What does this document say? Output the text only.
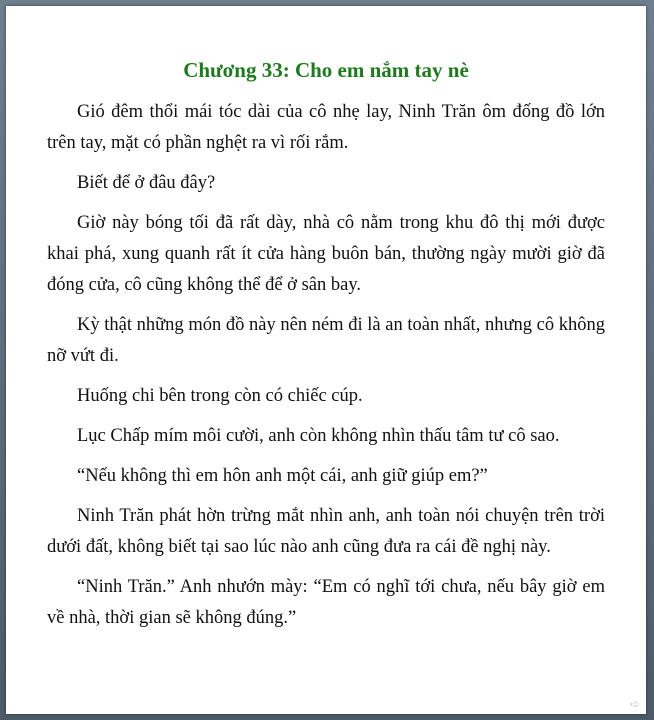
Chương 33: Cho em nắm tay nè

Gió đêm thổi mái tóc dài của cô nhẹ lay, Ninh Trăn ôm đống đồ lớn trên tay, mặt có phần nghệt ra vì rối rắm.

Biết để ở đâu đây?

Giờ này bóng tối đã rất dày, nhà cô nằm trong khu đô thị mới được khai phá, xung quanh rất ít cửa hàng buôn bán, thường ngày mười giờ đã đóng cửa, cô cũng không thể để ở sân bay.

Kỳ thật những món đồ này nên ném đi là an toàn nhất, nhưng cô không nỡ vứt đi.

Huống chi bên trong còn có chiếc cúp.

Lục Chấp mím môi cười, anh còn không nhìn thấu tâm tư cô sao.

“Nếu không thì em hôn anh một cái, anh giữ giúp em?”

Ninh Trăn phát hờn trừng mắt nhìn anh, anh toàn nói chuyện trên trời dưới đất, không biết tại sao lúc nào anh cũng đưa ra cái đề nghị này.

“Ninh Trăn.” Anh nhướn mày: “Em có nghĩ tới chưa, nếu bây giờ em về nhà, thời gian sẽ không đúng.”

➪
